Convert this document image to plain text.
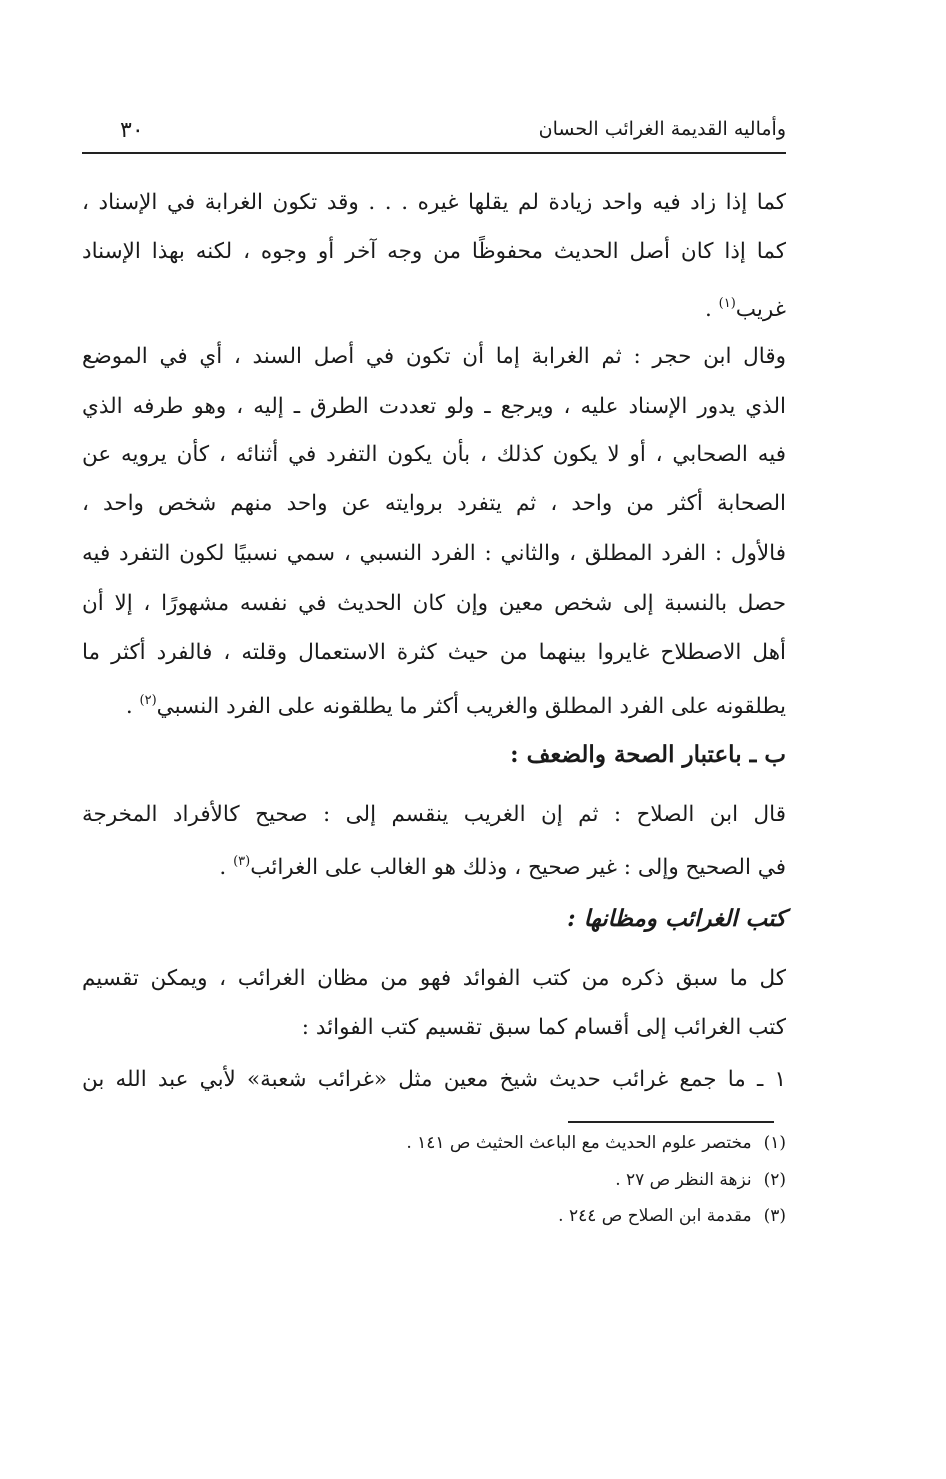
٣٠	وأماليه القديمة الغرائب الحسان
كما إذا زاد فيه واحد زيادة لم يقلها غيره . . . وقد تكون الغرابة في الإسناد ،
كما إذا كان أصل الحديث محفوظًا من وجه آخر أو وجوه ، لكنه بهذا الإسناد
غريب$^{(١)}$ .
وقال ابن حجر : ثم الغرابة إما أن تكون في أصل السند ، أي في الموضع
الذي يدور الإسناد عليه ، ويرجع ـ ولو تعددت الطرق ـ إليه ، وهو طرفه الذي
فيه الصحابي ، أو لا يكون كذلك ، بأن يكون التفرد في أثنائه ، كأن يرويه عن
الصحابة أكثر من واحد ، ثم يتفرد بروايته عن واحد منهم شخص واحد ،
فالأول : الفرد المطلق ، والثاني : الفرد النسبي ، سمي نسبيًا لكون التفرد فيه
حصل بالنسبة إلى شخص معين وإن كان الحديث في نفسه مشهورًا ، إلا أن
أهل الاصطلاح غايروا بينهما من حيث كثرة الاستعمال وقلته ، فالفرد أكثر ما
يطلقونه على الفرد المطلق والغريب أكثر ما يطلقونه على الفرد النسبي$^{(٢)}$ .
ب ـ باعتبار الصحة والضعف :
قال ابن الصلاح : ثم إن الغريب ينقسم إلى : صحيح كالأفراد المخرجة
في الصحيح وإلى : غير صحيح ، وذلك هو الغالب على الغرائب$^{(٣)}$ .
كتب الغرائب ومظانها :
كل ما سبق ذكره من كتب الفوائد فهو من مظان الغرائب ، ويمكن تقسيم
كتب الغرائب إلى أقسام كما سبق تقسيم كتب الفوائد :
١ ـ ما جمع غرائب حديث شيخ معين مثل «غرائب شعبة» لأبي عبد الله بن
(١)مختصر علوم الحديث مع الباعث الحثيث ص ١٤١ .
(٢)نزهة النظر ص ٢٧ .
(٣)مقدمة ابن الصلاح ص ٢٤٤ .
